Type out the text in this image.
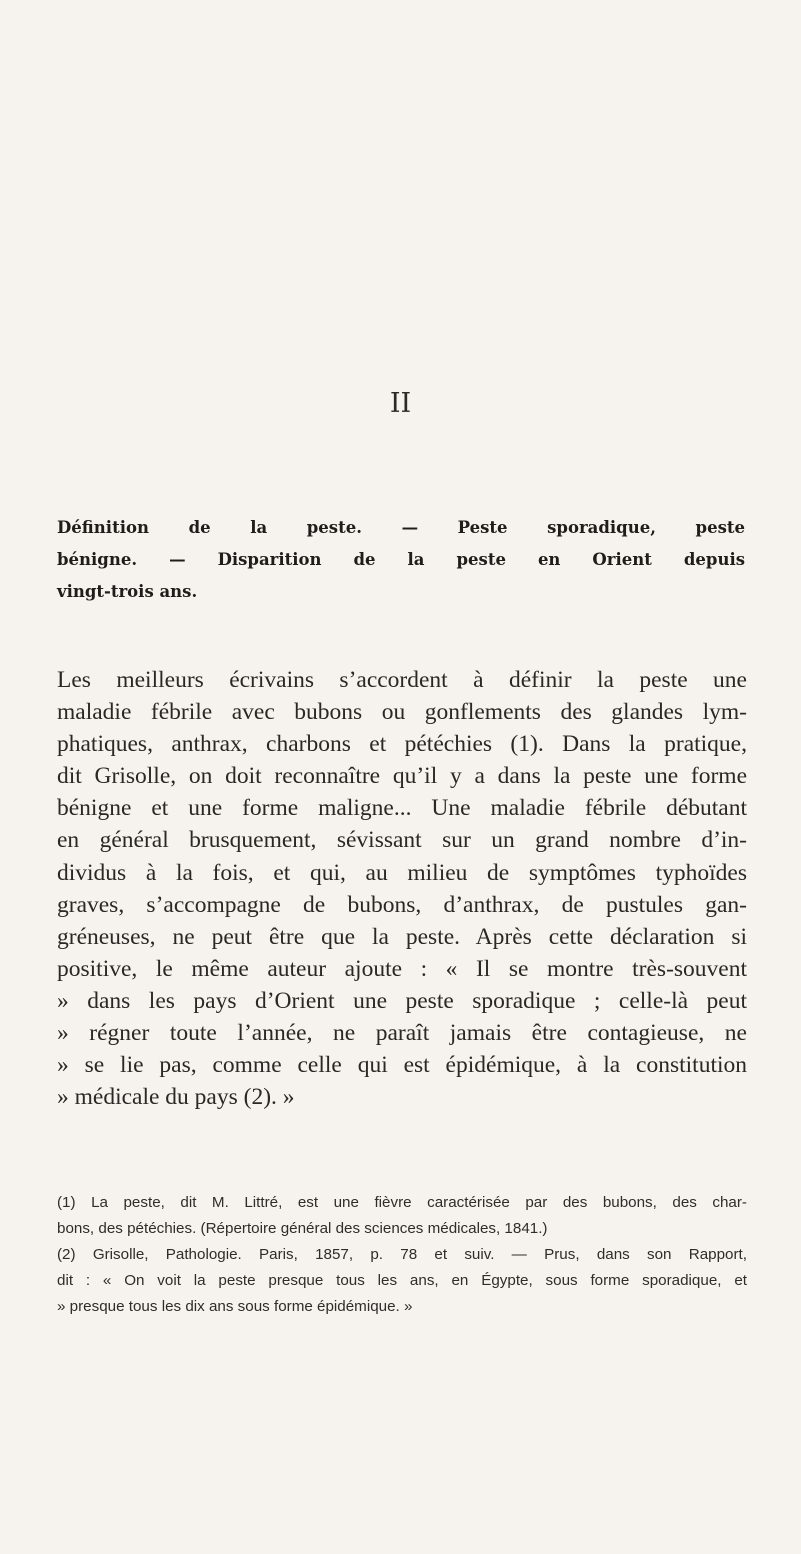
II
Définition de la peste. — Peste sporadique, peste
bénigne. — Disparition de la peste en Orient depuis
vingt-trois ans.
Les meilleurs écrivains s’accordent à définir la peste une
maladie fébrile avec bubons ou gonflements des glandes lym-
phatiques, anthrax, charbons et pétéchies (1). Dans la pratique,
dit Grisolle, on doit reconnaître qu’il y a dans la peste une forme
bénigne et une forme maligne... Une maladie fébrile débutant
en général brusquement, sévissant sur un grand nombre d’in-
dividus à la fois, et qui, au milieu de symptômes typhoïdes
graves, s’accompagne de bubons, d’anthrax, de pustules gan-
gréneuses, ne peut être que la peste. Après cette déclaration si
positive, le même auteur ajoute : « Il se montre très-souvent
» dans les pays d’Orient une peste sporadique ; celle-là peut
» régner toute l’année, ne paraît jamais être contagieuse, ne
» se lie pas, comme celle qui est épidémique, à la constitution
» médicale du pays (2). »
(1) La peste, dit M. Littré, est une fièvre caractérisée par des bubons, des char-
bons, des pétéchies. (Répertoire général des sciences médicales, 1841.)
(2) Grisolle, Pathologie. Paris, 1857, p. 78 et suiv. — Prus, dans son Rapport,
dit : « On voit la peste presque tous les ans, en Égypte, sous forme sporadique, et
» presque tous les dix ans sous forme épidémique. »
